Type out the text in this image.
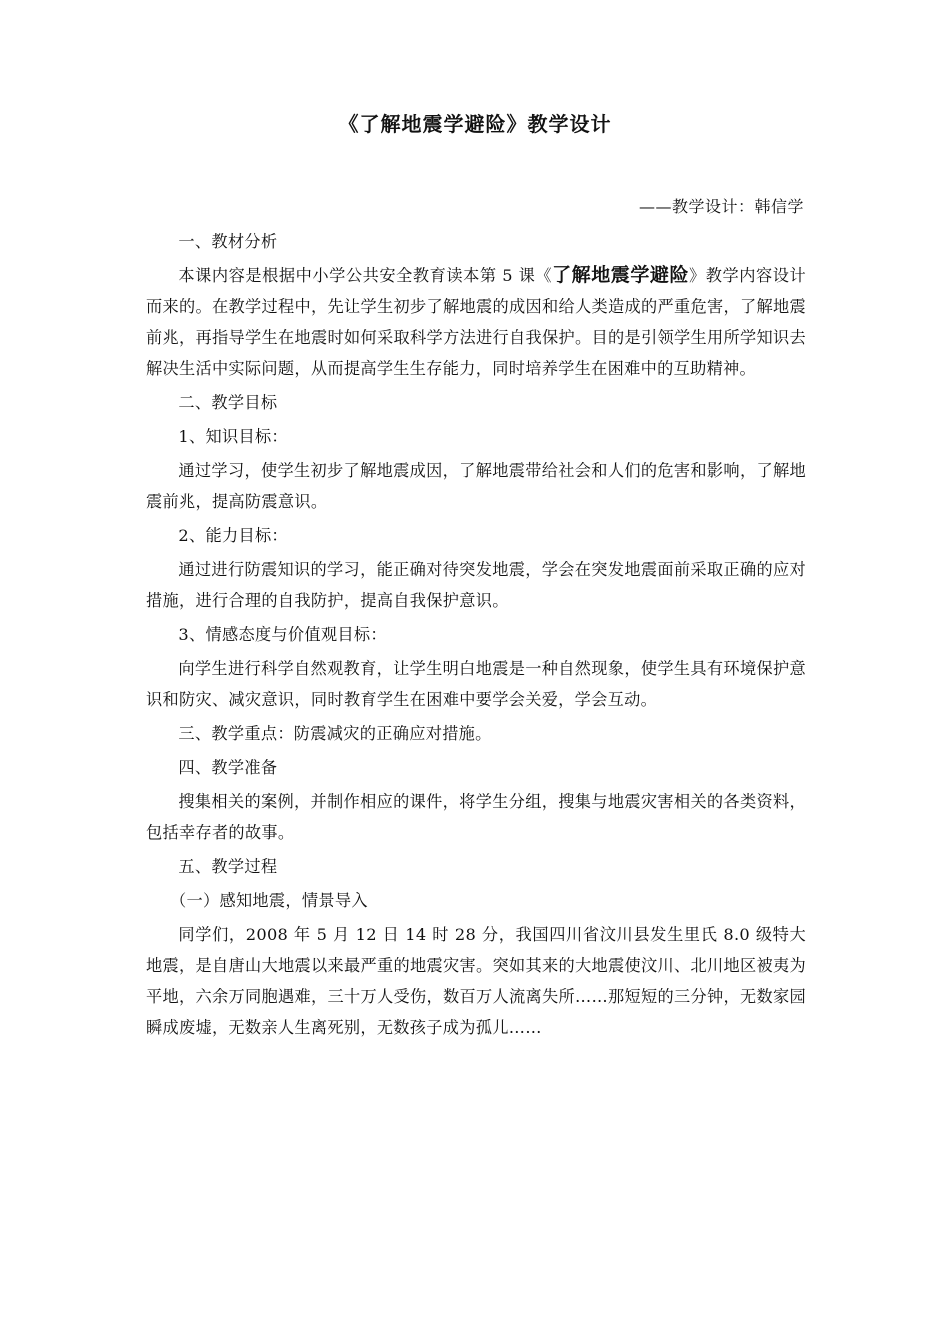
《了解地震学避险》教学设计
——教学设计：韩信学

一、教材分析

本课内容是根据中小学公共安全教育读本第 5 课《了解地震学避险》教学内容设计而来的。在教学过程中，先让学生初步了解地震的成因和给人类造成的严重危害，了解地震前兆，再指导学生在地震时如何采取科学方法进行自我保护。目的是引领学生用所学知识去解决生活中实际问题，从而提高学生生存能力，同时培养学生在困难中的互助精神。

二、教学目标

1、知识目标：

通过学习，使学生初步了解地震成因，了解地震带给社会和人们的危害和影响，了解地震前兆，提高防震意识。

2、能力目标：

通过进行防震知识的学习，能正确对待突发地震，学会在突发地震面前采取正确的应对措施，进行合理的自我防护，提高自我保护意识。

3、情感态度与价值观目标：

向学生进行科学自然观教育，让学生明白地震是一种自然现象，使学生具有环境保护意识和防灾、减灾意识，同时教育学生在困难中要学会关爱，学会互动。

三、教学重点：防震减灾的正确应对措施。

四、教学准备

搜集相关的案例，并制作相应的课件，将学生分组，搜集与地震灾害相关的各类资料，包括幸存者的故事。

五、教学过程

（一）感知地震，情景导入

同学们，2008 年 5 月 12 日 14 时 28 分，我国四川省汶川县发生里氏 8.0 级特大地震，是自唐山大地震以来最严重的地震灾害。突如其来的大地震使汶川、北川地区被夷为平地，六余万同胞遇难，三十万人受伤，数百万人流离失所……那短短的三分钟，无数家园瞬成废墟，无数亲人生离死别，无数孩子成为孤儿……
